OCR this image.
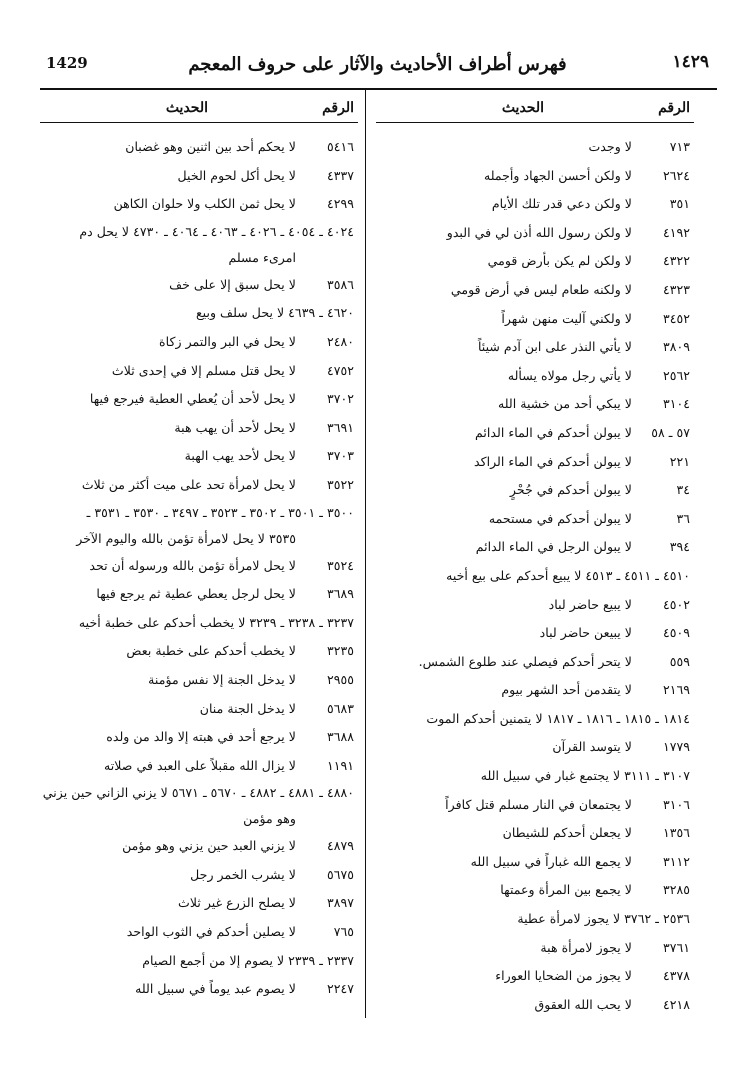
1429	فهرس أطراف الأحاديث والآثار على حروف المعجم	١٤٢٩
الرقم
الحديث
٧١٣ لا وجدت
٢٦٢٤ لا ولكن أحسن الجهاد وأجمله
٣٥١ لا ولكن دعي قدر تلك الأيام
٤١٩٢ لا ولكن رسول الله أذن لي في البدو
٤٣٢٢ لا ولكن لم يكن بأرض قومي
٤٣٢٣ لا ولكنه طعام ليس في أرض قومي
٣٤٥٢ لا ولكني آليت منهن شهراً
٣٨٠٩ لا يأتي النذر على ابن آدم شيئاً
٢٥٦٢ لا يأتي رجل مولاه يسأله
٣١٠٤ لا يبكي أحد من خشية الله
٥٧ ـ ٥٨ لا يبولن أحدكم في الماء الدائم
٢٢١ لا يبولن أحدكم في الماء الراكد
٣٤ لا يبولن أحدكم في جُحْرٍ
٣٦ لا يبولن أحدكم في مستحمه
٣٩٤ لا يبولن الرجل في الماء الدائم
٤٥١٠ ـ ٤٥١١ ـ ٤٥١٣ لا يبيع أحدكم على بيع أخيه
٤٥٠٢ لا يبيع حاضر لباد
٤٥٠٩ لا يبيعن حاضر لباد
٥٥٩ لا يتحر أحدكم فيصلي عند طلوع الشمس.
٢١٦٩ لا يتقدمن أحد الشهر بيوم
١٨١٤ ـ ١٨١٥ ـ ١٨١٦ ـ ١٨١٧ لا يتمنين أحدكم الموت
١٧٧٩ لا يتوسد القرآن
٣١٠٧ ـ ٣١١١ لا يجتمع غبار في سبيل الله
٣١٠٦ لا يجتمعان في النار مسلم قتل كافراً
١٣٥٦ لا يجعلن أحدكم للشيطان
٣١١٢ لا يجمع الله غباراً في سبيل الله
٣٢٨٥ لا يجمع بين المرأة وعمتها
٢٥٣٦ ـ ٣٧٦٢ لا يجوز لامرأة عطية
٣٧٦١ لا يجوز لامرأة هبة
٤٣٧٨ لا يجوز من الضحايا العوراء
٤٢١٨ لا يحب الله العقوق
الرقم
الحديث
٥٤١٦ لا يحكم أحد بين اثنين وهو غضبان
٤٣٣٧ لا يحل أكل لحوم الخيل
٤٢٩٩ لا يحل ثمن الكلب ولا حلوان الكاهن
٤٠٢٤ ـ ٤٠٥٤ ـ ٤٠٢٦ ـ ٤٠٦٣ ـ ٤٠٦٤ ـ ٤٧٣٠ لا يحل دم
امرىء مسلم
٣٥٨٦ لا يحل سبق إلا على خف
٤٦٢٠ ـ ٤٦٣٩ لا يحل سلف وبيع
٢٤٨٠ لا يحل في البر والتمر زكاة
٤٧٥٢ لا يحل قتل مسلم إلا في إحدى ثلاث
٣٧٠٢ لا يحل لأحد أن يُعطي العطية فيرجع فيها
٣٦٩١ لا يحل لأحد أن يهب هبة
٣٧٠٣ لا يحل لأحد يهب الهبة
٣٥٢٢ لا يحل لامرأة تحد على ميت أكثر من ثلاث
٣٥٠٠ ـ ٣٥٠١ ـ ٣٥٠٢ ـ ٣٥٢٣ ـ ٣٤٩٧ ـ ٣٥٣٠ ـ ٣٥٣١ ـ
٣٥٣٥ لا يحل لامرأة تؤمن بالله واليوم الآخر
٣٥٢٤ لا يحل لامرأة تؤمن بالله ورسوله أن تحد
٣٦٨٩ لا يحل لرجل يعطي عطية ثم يرجع فيها
٣٢٣٧ ـ ٣٢٣٨ ـ ٣٢٣٩ لا يخطب أحدكم على خطبة أخيه
٣٢٣٥ لا يخطب أحدكم على خطبة بعض
٢٩٥٥ لا يدخل الجنة إلا نفس مؤمنة
٥٦٨٣ لا يدخل الجنة منان
٣٦٨٨ لا يرجع أحد في هبته إلا والد من ولده
١١٩١ لا يزال الله مقبلاً على العبد في صلاته
٤٨٨٠ ـ ٤٨٨١ ـ ٤٨٨٢ ـ ٥٦٧٠ ـ ٥٦٧١ لا يزني الزاني حين يزني
وهو مؤمن
٤٨٧٩ لا يزني العبد حين يزني وهو مؤمن
٥٦٧٥ لا يشرب الخمر رجل
٣٨٩٧ لا يصلح الزرع غير ثلاث
٧٦٥ لا يصلين أحدكم في الثوب الواحد
٢٣٣٧ ـ ٢٣٣٩ لا يصوم إلا من أجمع الصيام
٢٢٤٧ لا يصوم عبد يوماً في سبيل الله
